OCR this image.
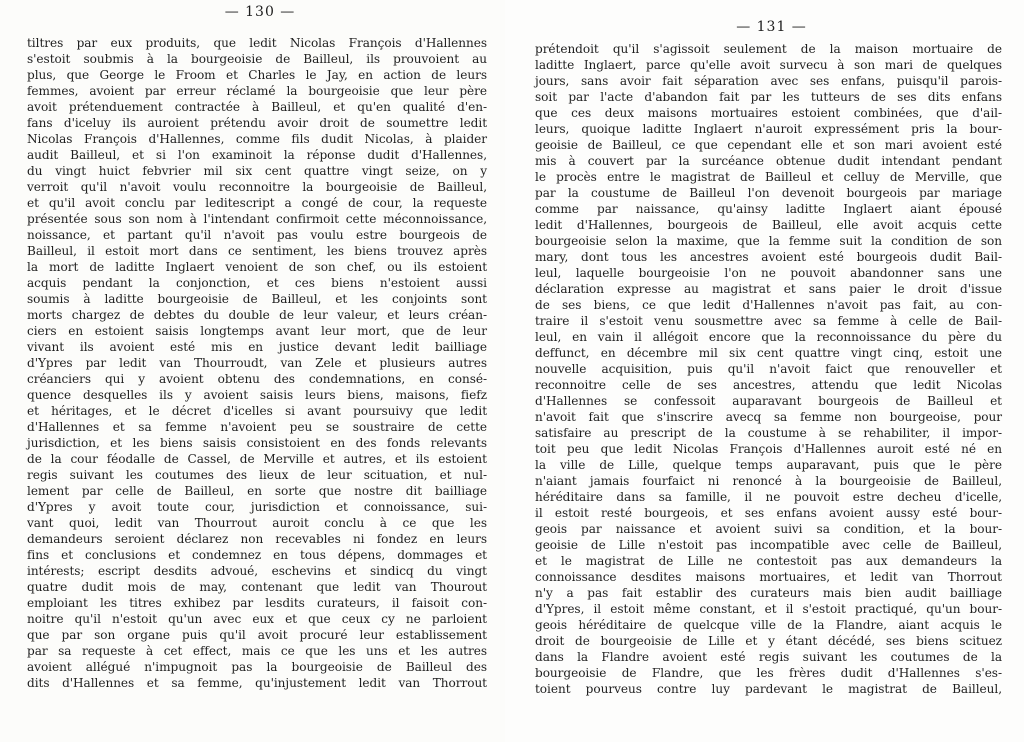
— 130 —
tiltres par eux produits, que ledit Nicolas François d'Hallennes
s'estoit soubmis à la bourgeoisie de Bailleul, ils prouvoient au
plus, que George le Froom et Charles le Jay, en action de leurs
femmes, avoient par erreur réclamé la bourgeoisie que leur père
avoit prétenduement contractée à Bailleul, et qu'en qualité d'en-
fans d'iceluy ils auroient prétendu avoir droit de soumettre ledit
Nicolas François d'Hallennes, comme fils dudit Nicolas, à plaider
audit Bailleul, et si l'on examinoit la réponse dudit d'Hallennes,
du vingt huict febvrier mil six cent quattre vingt seize, on y
verroit qu'il n'avoit voulu reconnoitre la bourgeoisie de Bailleul,
et qu'il avoit conclu par leditescript a congé de cour, la requeste
présentée sous son nom à l'intendant confirmoit cette méconnoissance,
noissance, et partant qu'il n'avoit pas voulu estre bourgeois de
Bailleul, il estoit mort dans ce sentiment, les biens trouvez après
la mort de laditte Inglaert venoient de son chef, ou ils estoient
acquis pendant la conjonction, et ces biens n'estoient aussi
soumis à laditte bourgeoisie de Bailleul, et les conjoints sont
morts chargez de debtes du double de leur valeur, et leurs créan-
ciers en estoient saisis longtemps avant leur mort, que de leur
vivant ils avoient esté mis en justice devant ledit bailliage
d'Ypres par ledit van Thourroudt, van Zele et plusieurs autres
créanciers qui y avoient obtenu des condemnations, en consé-
quence desquelles ils y avoient saisis leurs biens, maisons, fiefz
et héritages, et le décret d'icelles si avant poursuivy que ledit
d'Hallennes et sa femme n'avoient peu se soustraire de cette
jurisdiction, et les biens saisis consistoient en des fonds relevants
de la cour féodalle de Cassel, de Merville et autres, et ils estoient
regis suivant les coutumes des lieux de leur scituation, et nul-
lement par celle de Bailleul, en sorte que nostre dit bailliage
d'Ypres y avoit toute cour, jurisdiction et connoissance, sui-
vant quoi, ledit van Thourrout auroit conclu à ce que les
demandeurs seroient déclarez non recevables ni fondez en leurs
fins et conclusions et condemnez en tous dépens, dommages et
intérests; escript desdits advoué, eschevins et sindicq du vingt
quatre dudit mois de may, contenant que ledit van Thourout
emploiant les titres exhibez par lesdits curateurs, il faisoit con-
noitre qu'il n'estoit qu'un avec eux et que ceux cy ne parloient
que par son organe puis qu'il avoit procuré leur establissement
par sa requeste à cet effect, mais ce que les uns et les autres
avoient allégué n'impugnoit pas la bourgeoisie de Bailleul des
dits d'Hallennes et sa femme, qu'injustement ledit van Thorrout
— 131 —
prétendoit qu'il s'agissoit seulement de la maison mortuaire de
laditte Inglaert, parce qu'elle avoit survecu à son mari de quelques
jours, sans avoir fait séparation avec ses enfans, puisqu'il parois-
soit par l'acte d'abandon fait par les tutteurs de ses dits enfans
que ces deux maisons mortuaires estoient combinées, que d'ail-
leurs, quoique laditte Inglaert n'auroit expressément pris la bour-
geoisie de Bailleul, ce que cependant elle et son mari avoient esté
mis à couvert par la surcéance obtenue dudit intendant pendant
le procès entre le magistrat de Bailleul et celluy de Merville, que
par la coustume de Bailleul l'on devenoit bourgeois par mariage
comme par naissance, qu'ainsy laditte Inglaert aiant épousé
ledit d'Hallennes, bourgeois de Bailleul, elle avoit acquis cette
bourgeoisie selon la maxime, que la femme suit la condition de son
mary, dont tous les ancestres avoient esté bourgeois dudit Bail-
leul, laquelle bourgeoisie l'on ne pouvoit abandonner sans une
déclaration expresse au magistrat et sans paier le droit d'issue
de ses biens, ce que ledit d'Hallennes n'avoit pas fait, au con-
traire il s'estoit venu sousmettre avec sa femme à celle de Bail-
leul, en vain il allégoit encore que la reconnoissance du père du
deffunct, en décembre mil six cent quattre vingt cinq, estoit une
nouvelle acquisition, puis qu'il n'avoit faict que renouveller et
reconnoitre celle de ses ancestres, attendu que ledit Nicolas
d'Hallennes se confessoit auparavant bourgeois de Bailleul et
n'avoit fait que s'inscrire avecq sa femme non bourgeoise, pour
satisfaire au prescript de la coustume à se rehabiliter, il impor-
toit peu que ledit Nicolas François d'Hallennes auroit esté né en
la ville de Lille, quelque temps auparavant, puis que le père
n'aiant jamais fourfaict ni renoncé à la bourgeoisie de Bailleul,
héréditaire dans sa famille, il ne pouvoit estre decheu d'icelle,
il estoit resté bourgeois, et ses enfans avoient aussy esté bour-
geois par naissance et avoient suivi sa condition, et la bour-
geoisie de Lille n'estoit pas incompatible avec celle de Bailleul,
et le magistrat de Lille ne contestoit pas aux demandeurs la
connoissance desdites maisons mortuaires, et ledit van Thorrout
n'y a pas fait establir des curateurs mais bien audit bailliage
d'Ypres, il estoit même constant, et il s'estoit practiqué, qu'un bour-
geois héréditaire de quelcque ville de la Flandre, aiant acquis le
droit de bourgeoisie de Lille et y étant décédé, ses biens scituez
dans la Flandre avoient esté regis suivant les coutumes de la
bourgeoisie de Flandre, que les frères dudit d'Hallennes s'es-
toient pourveus contre luy pardevant le magistrat de Bailleul,
